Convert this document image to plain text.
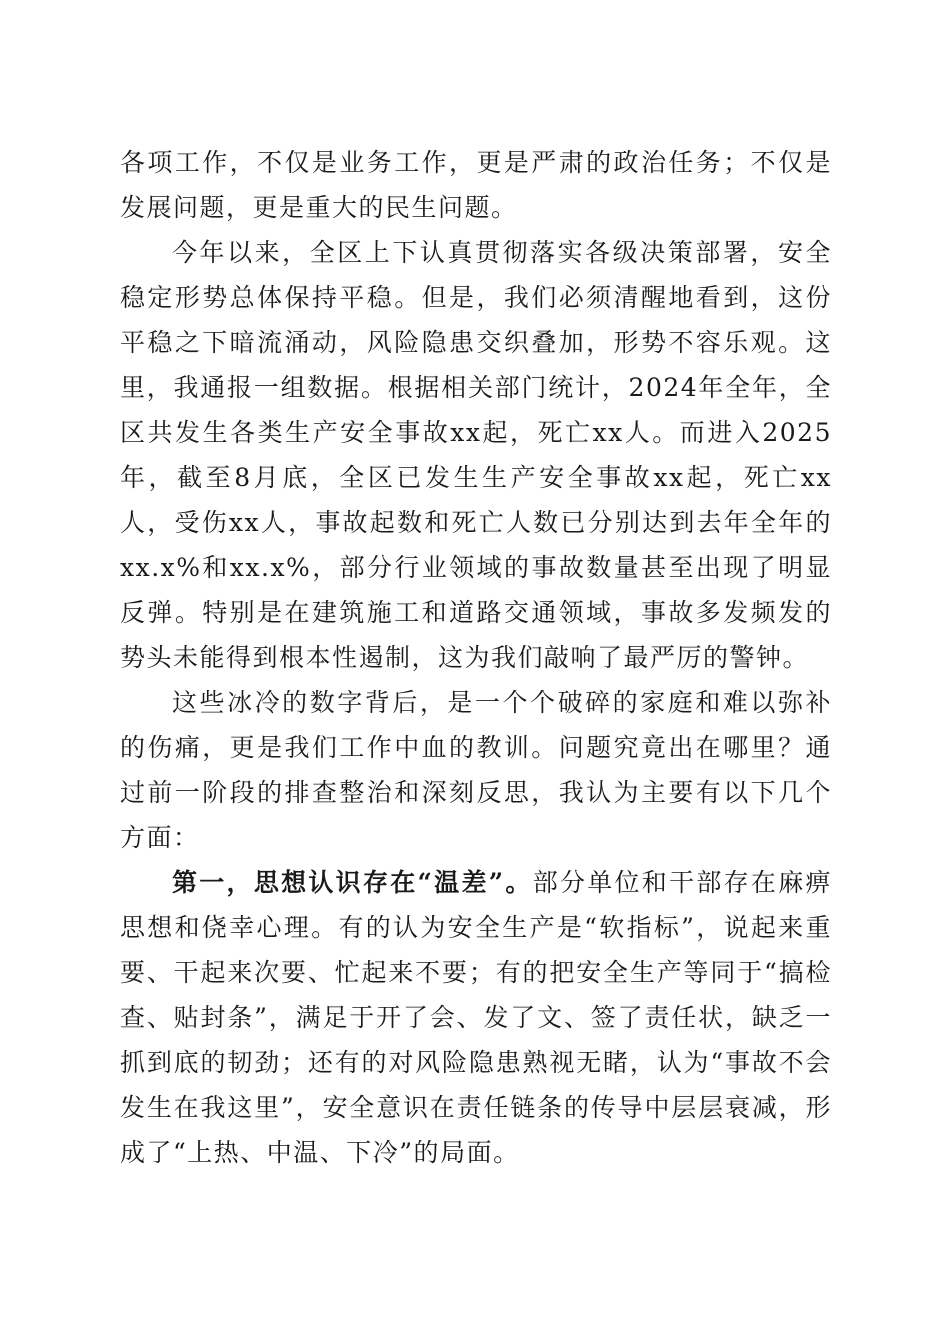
各项工作，不仅是业务工作，更是严肃的政治任务；不仅是发展问题，更是重大的民生问题。

今年以来，全区上下认真贯彻落实各级决策部署，安全稳定形势总体保持平稳。但是，我们必须清醒地看到，这份平稳之下暗流涌动，风险隐患交织叠加，形势不容乐观。这里，我通报一组数据。根据相关部门统计，2024年全年，全区共发生各类生产安全事故xx起，死亡xx人。而进入2025年，截至8月底，全区已发生生产安全事故xx起，死亡xx人，受伤xx人，事故起数和死亡人数已分别达到去年全年的xx.x%和xx.x%，部分行业领域的事故数量甚至出现了明显反弹。特别是在建筑施工和道路交通领域，事故多发频发的势头未能得到根本性遏制，这为我们敲响了最严厉的警钟。

这些冰冷的数字背后，是一个个破碎的家庭和难以弥补的伤痛，更是我们工作中血的教训。问题究竟出在哪里？通过前一阶段的排查整治和深刻反思，我认为主要有以下几个方面：

第一，思想认识存在“温差”。部分单位和干部存在麻痹思想和侥幸心理。有的认为安全生产是“软指标”，说起来重要、干起来次要、忙起来不要；有的把安全生产等同于“搞检查、贴封条”，满足于开了会、发了文、签了责任状，缺乏一抓到底的韧劲；还有的对风险隐患熟视无睹，认为“事故不会发生在我这里”，安全意识在责任链条的传导中层层衰减，形成了“上热、中温、下冷”的局面。
